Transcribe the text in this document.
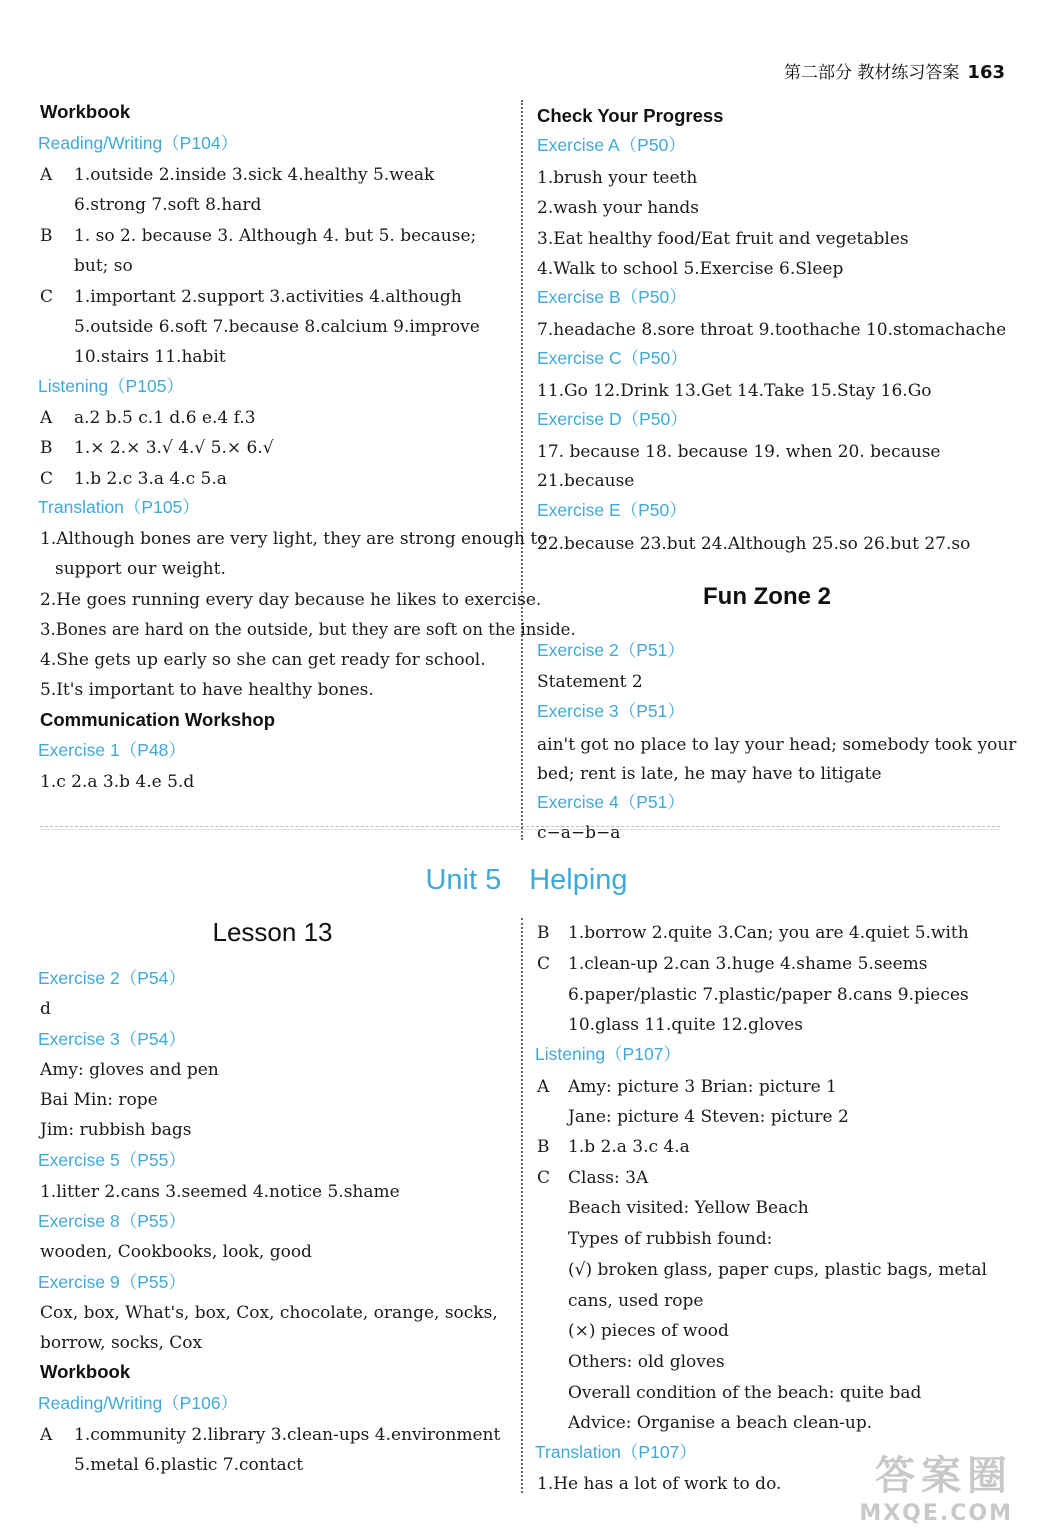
第二部分 教材练习答案 163
Workbook
Reading/Writing（P104）
A 1.outside 2.inside 3.sick 4.healthy 5.weak
6.strong 7.soft 8.hard
B 1. so 2. because 3. Although 4. but 5. because;
but; so
C 1.important 2.support 3.activities 4.although
5.outside 6.soft 7.because 8.calcium 9.improve
10.stairs 11.habit
Listening（P105）
A a.2 b.5 c.1 d.6 e.4 f.3
B 1.× 2.× 3.√ 4.√ 5.× 6.√
C 1.b 2.c 3.a 4.c 5.a
Translation（P105）
1.Although bones are very light, they are strong enough to
support our weight.
2.He goes running every day because he likes to exercise.
3.Bones are hard on the outside, but they are soft on the inside.
4.She gets up early so she can get ready for school.
5.It's important to have healthy bones.
Communication Workshop
Exercise 1（P48）
1.c 2.a 3.b 4.e 5.d
Check Your Progress
Exercise A（P50）
1.brush your teeth
2.wash your hands
3.Eat healthy food/Eat fruit and vegetables
4.Walk to school 5.Exercise 6.Sleep
Exercise B（P50）
7.headache 8.sore throat 9.toothache 10.stomachache
Exercise C（P50）
11.Go 12.Drink 13.Get 14.Take 15.Stay 16.Go
Exercise D（P50）
17. because 18. because 19. when 20. because
21.because
Exercise E（P50）
22.because 23.but 24.Although 25.so 26.but 27.so
Fun Zone 2
Exercise 2（P51）
Statement 2
Exercise 3（P51）
ain't got no place to lay your head; somebody took your
bed; rent is late, he may have to litigate
Exercise 4（P51）
c−a−b−a
Unit 5 Helping
Lesson 13
Exercise 2（P54）
d
Exercise 3（P54）
Amy: gloves and pen
Bai Min: rope
Jim: rubbish bags
Exercise 5（P55）
1.litter 2.cans 3.seemed 4.notice 5.shame
Exercise 8（P55）
wooden, Cookbooks, look, good
Exercise 9（P55）
Cox, box, What's, box, Cox, chocolate, orange, socks,
borrow, socks, Cox
Workbook
Reading/Writing（P106）
A 1.community 2.library 3.clean-ups 4.environment
5.metal 6.plastic 7.contact
B 1.borrow 2.quite 3.Can; you are 4.quiet 5.with
C 1.clean-up 2.can 3.huge 4.shame 5.seems
6.paper/plastic 7.plastic/paper 8.cans 9.pieces
10.glass 11.quite 12.gloves
Listening（P107）
A Amy: picture 3 Brian: picture 1
Jane: picture 4 Steven: picture 2
B 1.b 2.a 3.c 4.a
C Class: 3A
Beach visited: Yellow Beach
Types of rubbish found:
(√) broken glass, paper cups, plastic bags, metal
cans, used rope
(×) pieces of wood
Others: old gloves
Overall condition of the beach: quite bad
Advice: Organise a beach clean-up.
Translation（P107）
1.He has a lot of work to do.	答案圈
MXQE.COM
